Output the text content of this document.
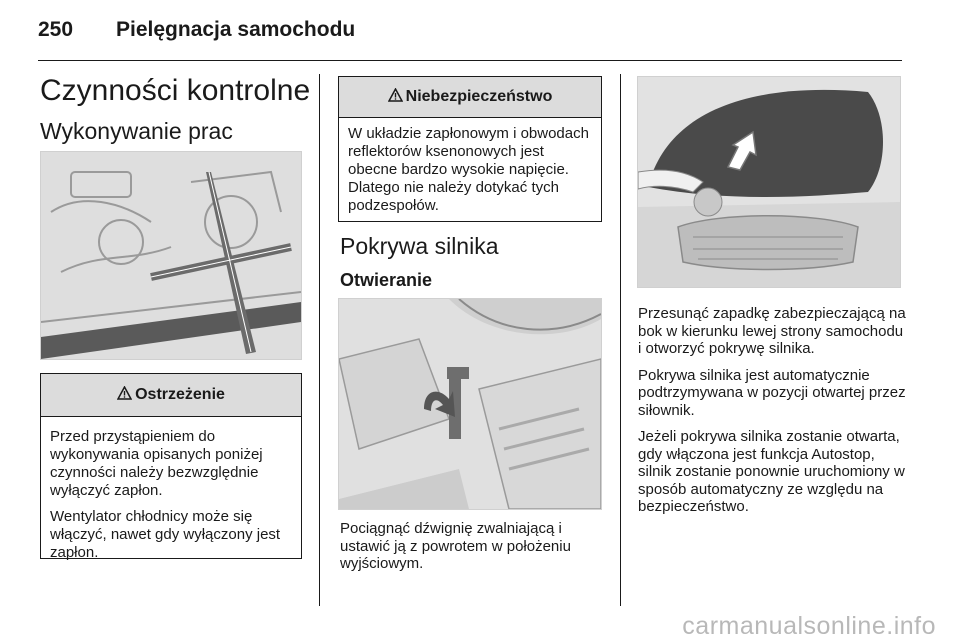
250 Pielęgnacja samochodu
Czynności kontrolne
Wykonywanie prac
Ostrzeżenie

Przed przystąpieniem do wykonywania opisanych poniżej czynności należy bezwzględnie wyłączyć zapłon.

Wentylator chłodnicy może się włączyć, nawet gdy wyłączony jest zapłon.

Niebezpieczeństwo

W układzie zapłonowym i obwodach reflektorów ksenonowych jest obecne bardzo wysokie napięcie. Dlatego nie należy dotykać tych podzespołów.

Pokrywa silnika
Otwieranie

Pociągnąć dźwignię zwalniającą i ustawić ją z powrotem w położeniu wyjściowym.

Przesunąć zapadkę zabezpieczającą na bok w kierunku lewej strony samochodu i otworzyć pokrywę silnika.

Pokrywa silnika jest automatycznie podtrzymywana w pozycji otwartej przez siłownik.

Jeżeli pokrywa silnika zostanie otwarta, gdy włączona jest funkcja Autostop, silnik zostanie ponownie uruchomiony w sposób automatyczny ze względu na bezpieczeństwo.

carmanualsonline.info
